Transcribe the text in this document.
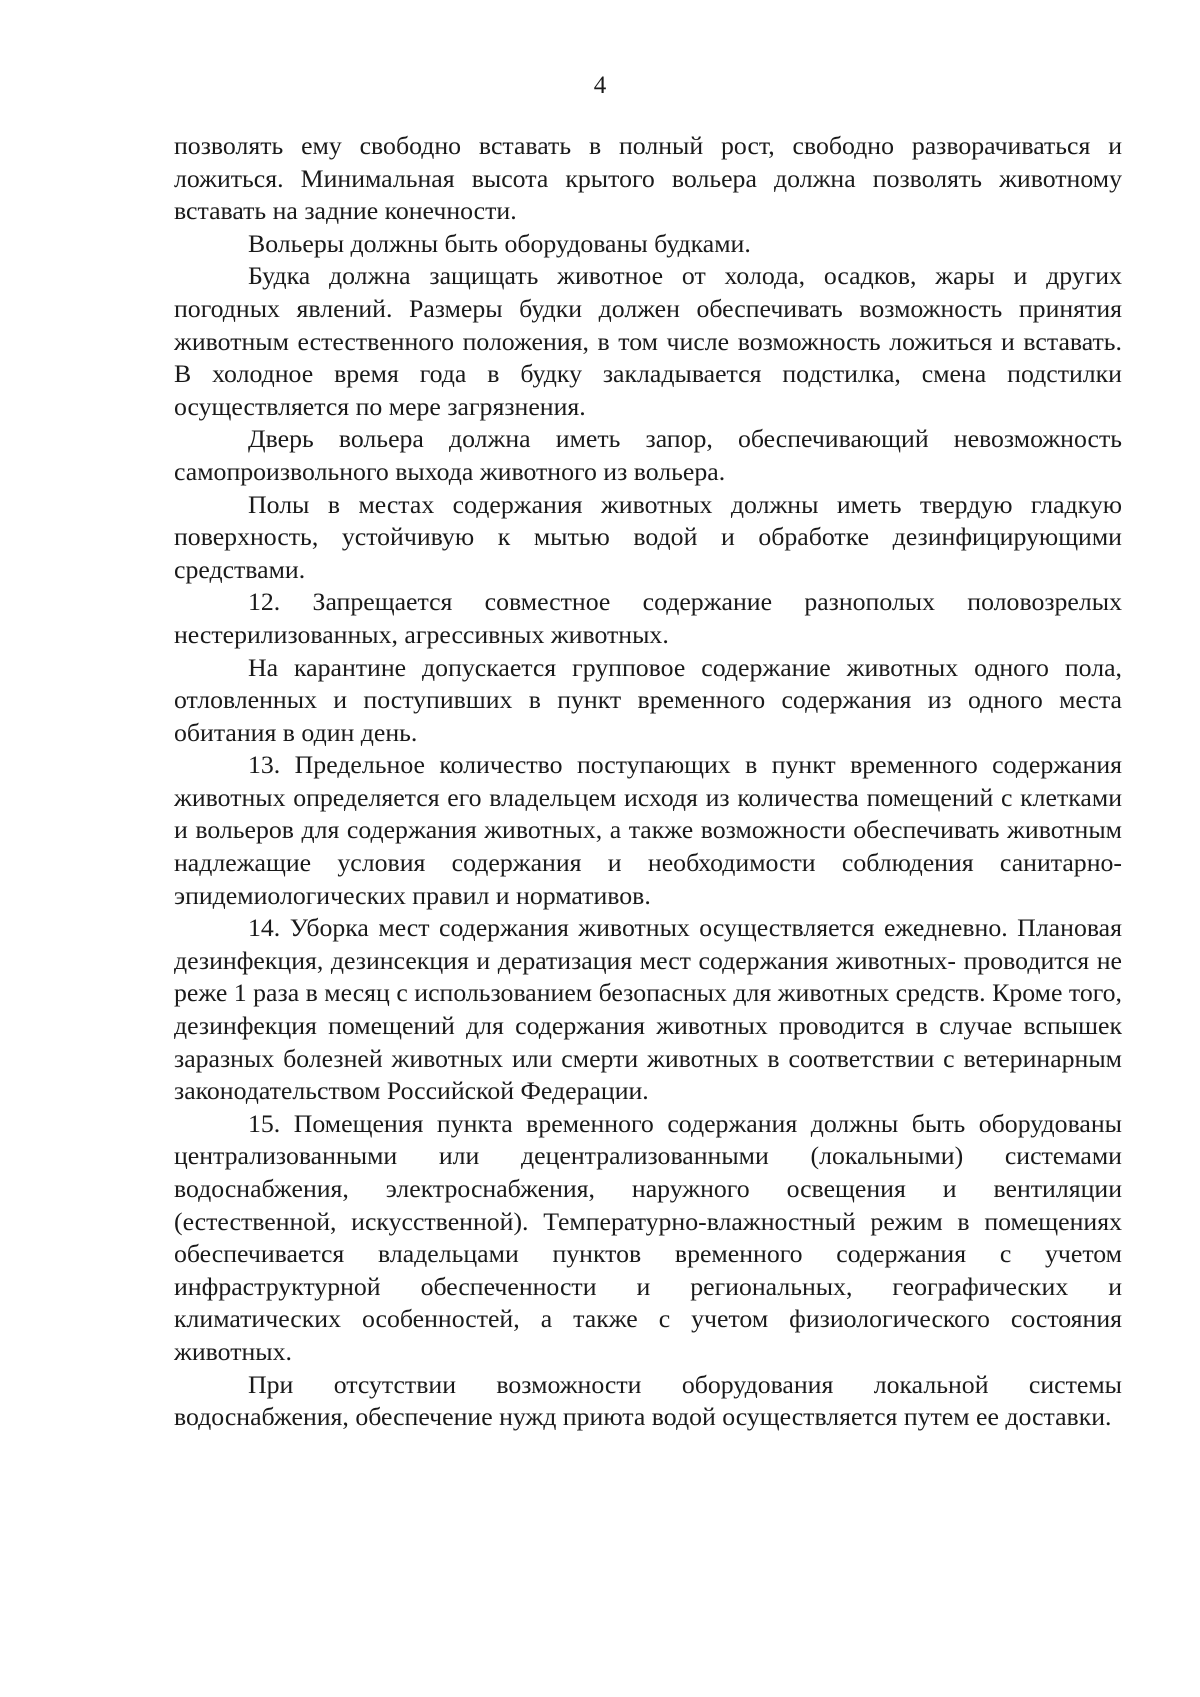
4

позволять ему свободно вставать в полный рост, свободно разворачиваться и ложиться. Минимальная высота крытого вольера должна позволять животному вставать на задние конечности.

Вольеры должны быть оборудованы будками.

Будка должна защищать животное от холода, осадков, жары и других погодных явлений. Размеры будки должен обеспечивать возможность принятия животным естественного положения, в том числе возможность ложиться и вставать. В холодное время года в будку закладывается подстилка, смена подстилки осуществляется по мере загрязнения.

Дверь вольера должна иметь запор, обеспечивающий невозможность самопроизвольного выхода животного из вольера.

Полы в местах содержания животных должны иметь твердую гладкую поверхность, устойчивую к мытью водой и обработке дезинфицирующими средствами.

12. Запрещается совместное содержание разнополых половозрелых нестерилизованных, агрессивных животных.

На карантине допускается групповое содержание животных одного пола, отловленных и поступивших в пункт временного содержания из одного места обитания в один день.

13. Предельное количество поступающих в пункт временного содержания животных определяется его владельцем исходя из количества помещений с клетками и вольеров для содержания животных, а также возможности обеспечивать животным надлежащие условия содержания и необходимости соблюдения санитарно-эпидемиологических правил и нормативов.

14. Уборка мест содержания животных осуществляется ежедневно. Плановая дезинфекция, дезинсекция и дератизация мест содержания животных- проводится не реже 1 раза в месяц с использованием безопасных для животных средств. Кроме того, дезинфекция помещений для содержания животных проводится в случае вспышек заразных болезней животных или смерти животных в соответствии с ветеринарным законодательством Российской Федерации.

15. Помещения пункта временного содержания должны быть оборудованы централизованными или децентрализованными (локальными) системами водоснабжения, электроснабжения, наружного освещения и вентиляции (естественной, искусственной). Температурно-влажностный режим в помещениях обеспечивается владельцами пунктов временного содержания с учетом инфраструктурной обеспеченности и региональных, географических и климатических особенностей, а также с учетом физиологического состояния животных.

При отсутствии возможности оборудования локальной системы водоснабжения, обеспечение нужд приюта водой осуществляется путем ее доставки.
